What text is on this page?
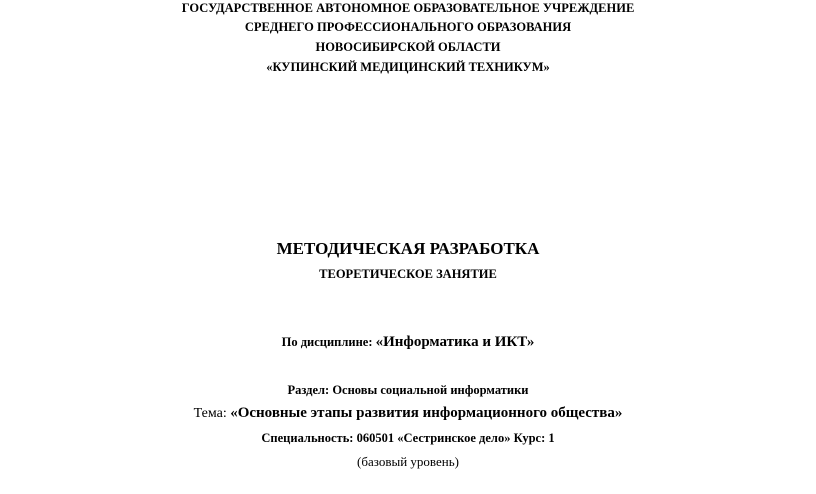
ГОСУДАРСТВЕННОЕ АВТОНОМНОЕ ОБРАЗОВАТЕЛЬНОЕ УЧРЕЖДЕНИЕ
СРЕДНЕГО ПРОФЕССИОНАЛЬНОГО ОБРАЗОВАНИЯ
НОВОСИБИРСКОЙ ОБЛАСТИ
«КУПИНСКИЙ МЕДИЦИНСКИЙ ТЕХНИКУМ»
МЕТОДИЧЕСКАЯ РАЗРАБОТКА
ТЕОРЕТИЧЕСКОЕ ЗАНЯТИЕ
По дисциплине: «Информатика и ИКТ»
Раздел: Основы социальной информатики
Тема: «Основные этапы развития информационного общества»
Специальность: 060501 «Сестринское дело» Курс: 1
(базовый уровень)
